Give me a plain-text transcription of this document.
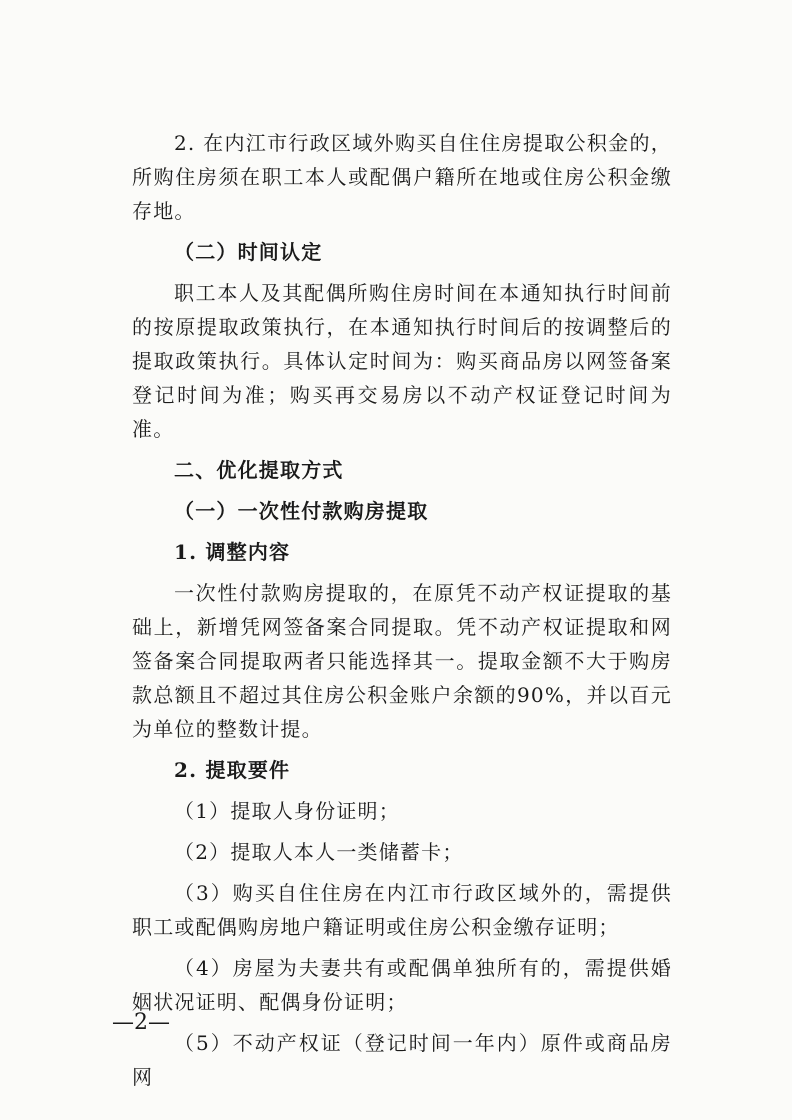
2. 在内江市行政区域外购买自住住房提取公积金的，所购住房须在职工本人或配偶户籍所在地或住房公积金缴存地。

（二）时间认定

职工本人及其配偶所购住房时间在本通知执行时间前的按原提取政策执行，在本通知执行时间后的按调整后的提取政策执行。具体认定时间为：购买商品房以网签备案登记时间为准；购买再交易房以不动产权证登记时间为准。

二、优化提取方式

（一）一次性付款购房提取

1. 调整内容

一次性付款购房提取的，在原凭不动产权证提取的基础上，新增凭网签备案合同提取。凭不动产权证提取和网签备案合同提取两者只能选择其一。提取金额不大于购房款总额且不超过其住房公积金账户余额的90%，并以百元为单位的整数计提。

2. 提取要件

（1）提取人身份证明；

（2）提取人本人一类储蓄卡；

（3）购买自住住房在内江市行政区域外的，需提供职工或配偶购房地户籍证明或住房公积金缴存证明；

（4）房屋为夫妻共有或配偶单独所有的，需提供婚姻状况证明、配偶身份证明；

（5）不动产权证（登记时间一年内）原件或商品房网

—2—
